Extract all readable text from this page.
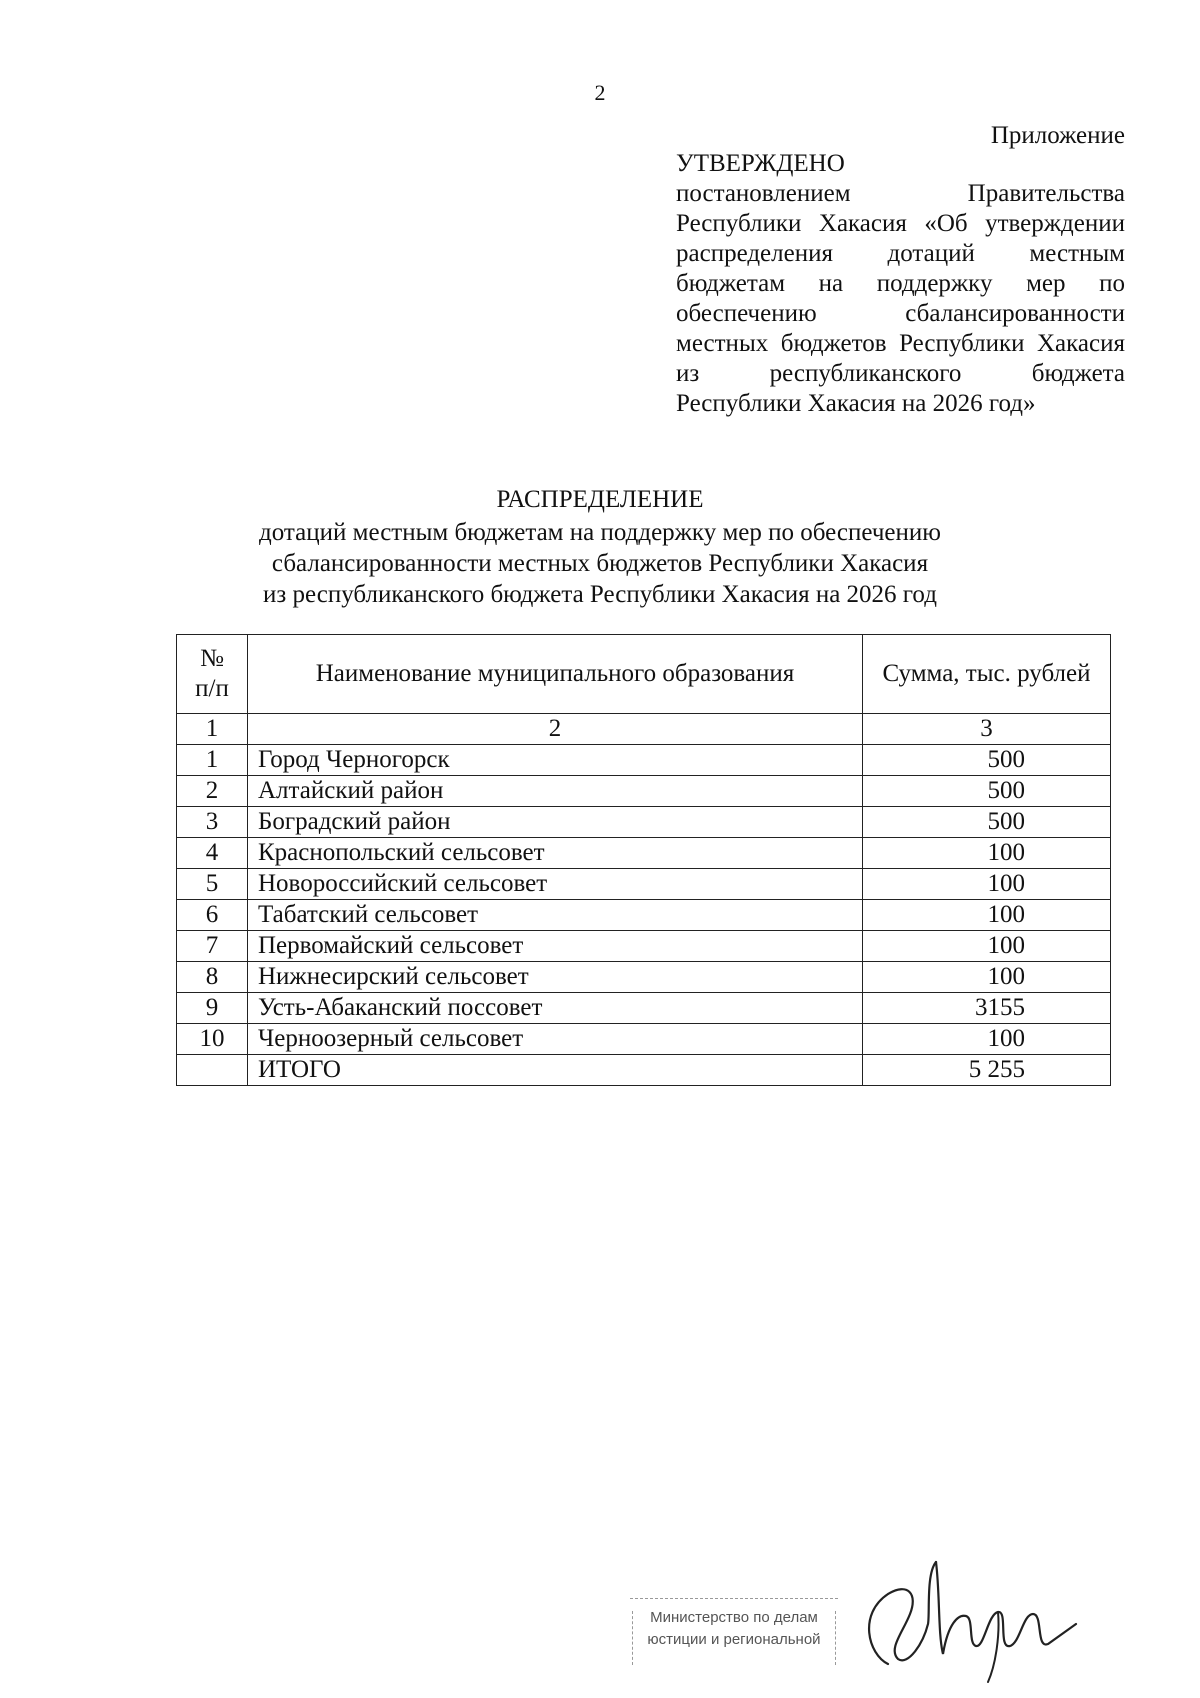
2
Приложение
УТВЕРЖДЕНО
постановлением Правительства Республики Хакасия «Об утверждении распределения дотаций местным бюджетам на поддержку мер по обеспечению сбалансированности местных бюджетов Республики Хакасия из республиканского бюджета Республики Хакасия на 2026 год»
РАСПРЕДЕЛЕНИЕ
дотаций местным бюджетам на поддержку мер по обеспечению
сбалансированности местных бюджетов Республики Хакасия
из республиканского бюджета Республики Хакасия на 2026 год
№
п/п	Наименование муниципального образования	Сумма, тыс. рублей
1	2	3
1	Город Черногорск	500
2	Алтайский район	500
3	Боградский район	500
4	Краснопольский сельсовет	100
5	Новороссийский сельсовет	100
6	Табатский сельсовет	100
7	Первомайский сельсовет	100
8	Нижнесирский сельсовет	100
9	Усть-Абаканский поссовет	3155
10	Черноозерный сельсовет	100
	ИТОГО	5 255
Министерство по делам
юстиции и региональной
